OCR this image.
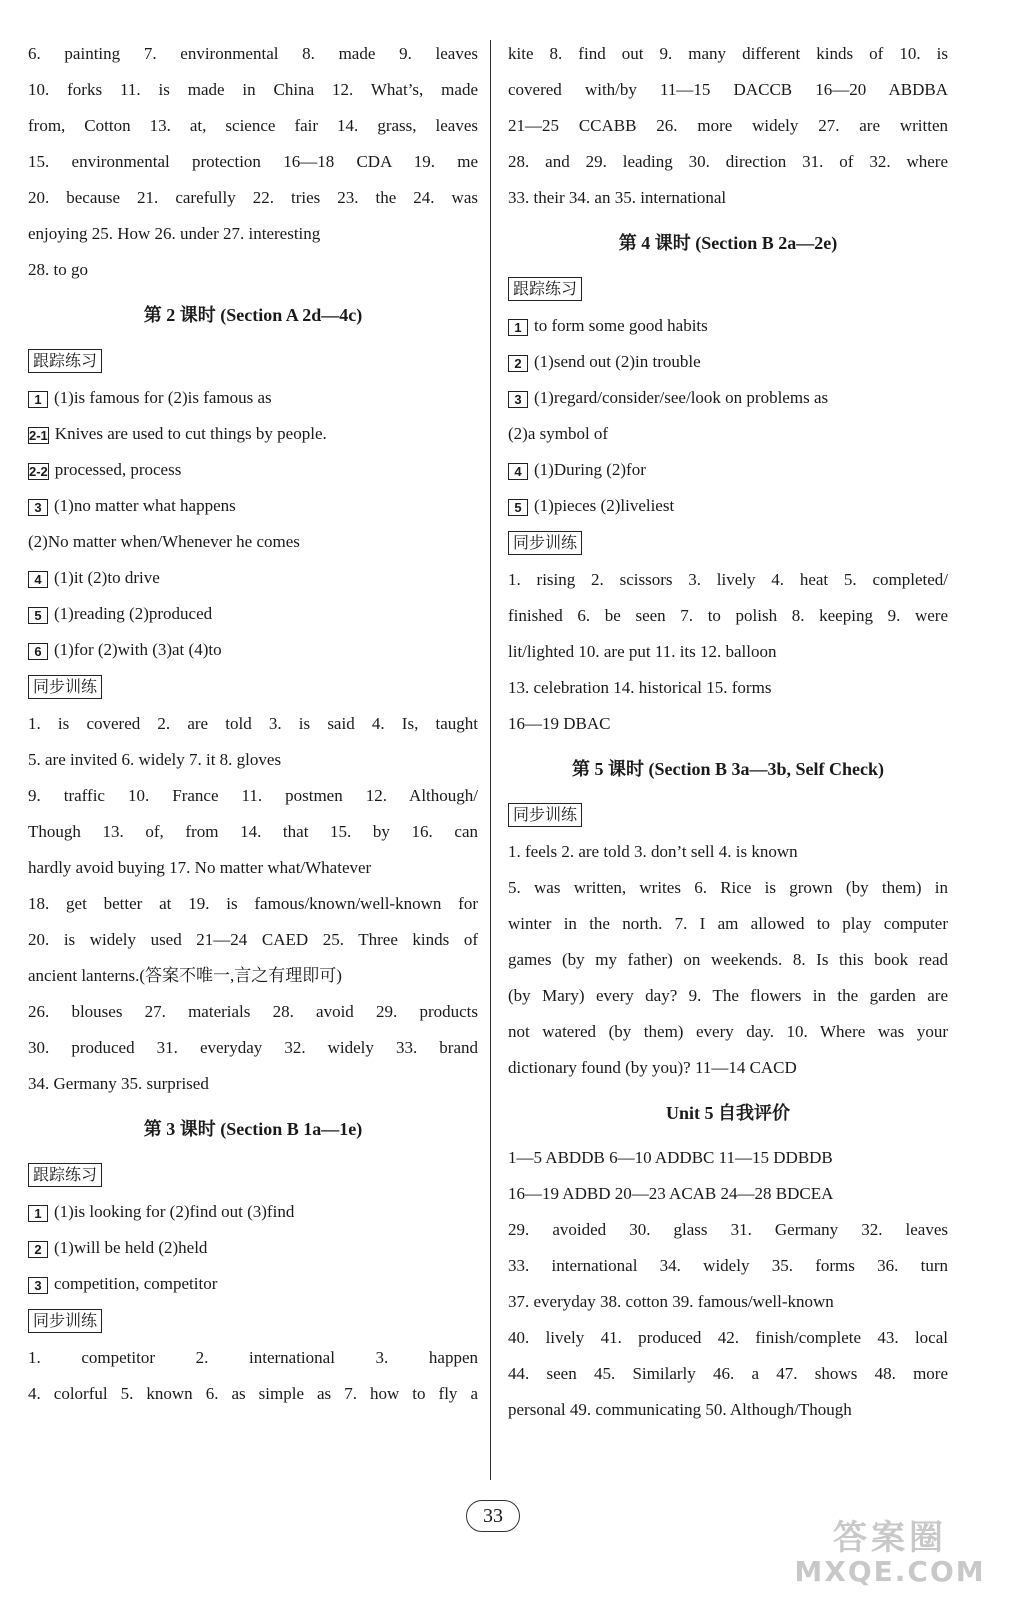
6. painting 7. environmental 8. made 9. leaves
10. forks 11. is made in China 12. What’s, made
from, Cotton 13. at, science fair 14. grass, leaves
15. environmental protection 16—18 CDA 19. me
20. because 21. carefully 22. tries 23. the 24. was
enjoying 25. How 26. under 27. interesting
28. to go
第 2 课时 (Section A 2d—4c)
跟踪练习
1 (1)is famous for (2)is famous as
2-1 Knives are used to cut things by people.
2-2 processed, process
3 (1)no matter what happens
(2)No matter when/Whenever he comes
4 (1)it (2)to drive
5 (1)reading (2)produced
6 (1)for (2)with (3)at (4)to
同步训练
1. is covered 2. are told 3. is said 4. Is, taught
5. are invited 6. widely 7. it 8. gloves
9. traffic 10. France 11. postmen 12. Although/
Though 13. of, from 14. that 15. by 16. can
hardly avoid buying 17. No matter what/Whatever
18. get better at 19. is famous/known/well-known for
20. is widely used 21—24 CAED 25. Three kinds of
ancient lanterns.(答案不唯一,言之有理即可)
26. blouses 27. materials 28. avoid 29. products
30. produced 31. everyday 32. widely 33. brand
34. Germany 35. surprised
第 3 课时 (Section B 1a—1e)
跟踪练习
1 (1)is looking for (2)find out (3)find
2 (1)will be held (2)held
3 competition, competitor
同步训练
1. competitor 2. international 3. happen
4. colorful 5. known 6. as simple as 7. how to fly a
kite 8. find out 9. many different kinds of 10. is
covered with/by 11—15 DACCB 16—20 ABDBA
21—25 CCABB 26. more widely 27. are written
28. and 29. leading 30. direction 31. of 32. where
33. their 34. an 35. international
第 4 课时 (Section B 2a—2e)
跟踪练习
1 to form some good habits
2 (1)send out (2)in trouble
3 (1)regard/consider/see/look on problems as
(2)a symbol of
4 (1)During (2)for
5 (1)pieces (2)liveliest
同步训练
1. rising 2. scissors 3. lively 4. heat 5. completed/
finished 6. be seen 7. to polish 8. keeping 9. were
lit/lighted 10. are put 11. its 12. balloon
13. celebration 14. historical 15. forms
16—19 DBAC
第 5 课时 (Section B 3a—3b, Self Check)
同步训练
1. feels 2. are told 3. don’t sell 4. is known
5. was written, writes 6. Rice is grown (by them) in
winter in the north. 7. I am allowed to play computer
games (by my father) on weekends. 8. Is this book read
(by Mary) every day? 9. The flowers in the garden are
not watered (by them) every day. 10. Where was your
dictionary found (by you)? 11—14 CACD
Unit 5 自我评价
1—5 ABDDB 6—10 ADDBC 11—15 DDBDB
16—19 ADBD 20—23 ACAB 24—28 BDCEA
29. avoided 30. glass 31. Germany 32. leaves
33. international 34. widely 35. forms 36. turn
37. everyday 38. cotton 39. famous/well-known
40. lively 41. produced 42. finish/complete 43. local
44. seen 45. Similarly 46. a 47. shows 48. more
personal 49. communicating 50. Although/Though
33
答案圈
MXQE.COM
